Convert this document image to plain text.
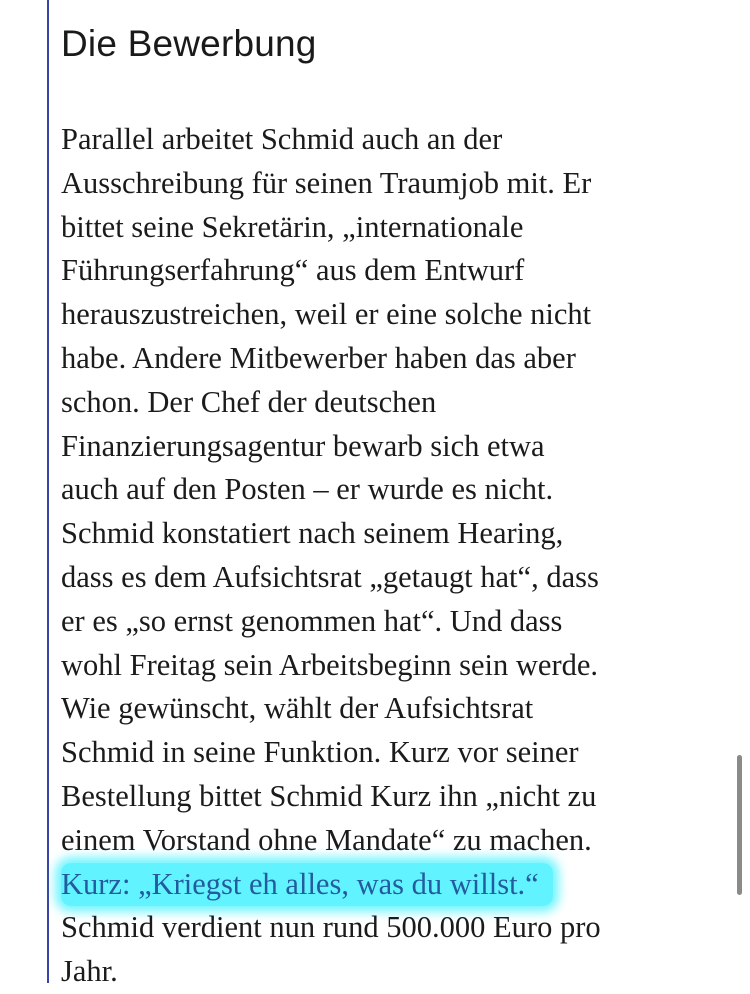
Die Bewerbung
Parallel arbeitet Schmid auch an der
Ausschreibung für seinen Traumjob mit. Er
bittet seine Sekretärin, „internationale
Führungserfahrung“ aus dem Entwurf
herauszustreichen, weil er eine solche nicht
habe. Andere Mitbewerber haben das aber
schon. Der Chef der deutschen
Finanzierungsagentur bewarb sich etwa
auch auf den Posten – er wurde es nicht.
Schmid konstatiert nach seinem Hearing,
dass es dem Aufsichtsrat „getaugt hat“, dass
er es „so ernst genommen hat“. Und dass
wohl Freitag sein Arbeitsbeginn sein werde.
Wie gewünscht, wählt der Aufsichtsrat
Schmid in seine Funktion. Kurz vor seiner
Bestellung bittet Schmid Kurz ihn „nicht zu
einem Vorstand ohne Mandate“ zu machen.
Kurz: „Kriegst eh alles, was du willst.“
Schmid verdient nun rund 500.000 Euro pro
Jahr.
